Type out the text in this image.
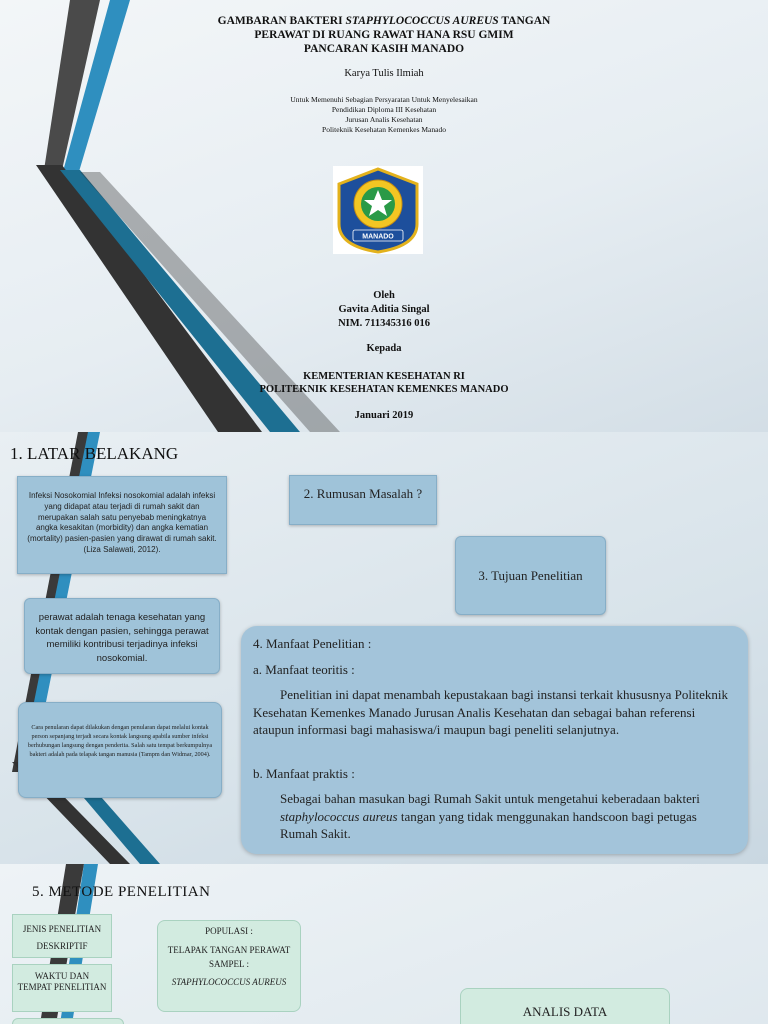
GAMBARAN BAKTERI STAPHYLOCOCCUS AUREUS TANGAN
PERAWAT DI RUANG RAWAT HANA RSU GMIM
PANCARAN KASIH MANADO
Karya Tulis Ilmiah
Untuk Memenuhi Sebagian Persyaratan Untuk Menyelesaikan
Pendidikan Diploma III Kesehatan
Jurusan Analis Kesehatan
Politeknik Kesehatan Kemenkes Manado
MANADO
Oleh
Gavita Aditia Singal
NIM. 711345316 016
Kepada
KEMENTERIAN KESEHATAN RI
POLITEKNIK KESEHATAN KEMENKES MANADO
Januari 2019
1. LATAR BELAKANG
Infeksi Nosokomial Infeksi nosokomial adalah infeksi yang didapat atau terjadi di rumah sakit dan merupakan salah satu penyebab meningkatnya angka kesakitan (morbidity) dan angka kematian (mortality) pasien-pasien yang dirawat di rumah sakit. (Liza Salawati, 2012).
perawat adalah tenaga kesehatan yang kontak dengan pasien, sehingga perawat memiliki kontribusi terjadinya infeksi nosokomial.
Cara penularan dapat dilakukan dengan penularan dapat melalui kontak person sepanjang terjadi secara kontak langsung apabila sumber infeksi berhubungan langsung dengan penderita. Salah satu tempat berkumpulnya bakteri adalah pada telapak tangan manusia (Tampm dan Widmar, 2004).
2. Rumusan Masalah ?
3. Tujuan Penelitian

4. Manfaat Penelitian :

a. Manfaat teoritis :

Penelitian ini dapat menambah kepustakaan bagi instansi terkait khususnya Politeknik Kesehatan Kemenkes Manado Jurusan Analis Kesehatan dan sebagai bahan referensi ataupun informasi bagi mahasiswa/i maupun bagi peneliti selanjutnya.

b. Manfaat praktis :

Sebagai bahan masukan bagi Rumah Sakit untuk mengetahui keberadaan bakteri staphylococcus aureus tangan yang tidak menggunakan handscoon bagi petugas Rumah Sakit.

5. METODE PENELITIAN
JENIS PENELITIAN
DESKRIPTIF
WAKTU DAN TEMPAT PENELITIAN
POPULASI :
TELAPAK TANGAN PERAWAT
SAMPEL :
STAPHYLOCOCCUS AUREUS
ANALIS DATA
